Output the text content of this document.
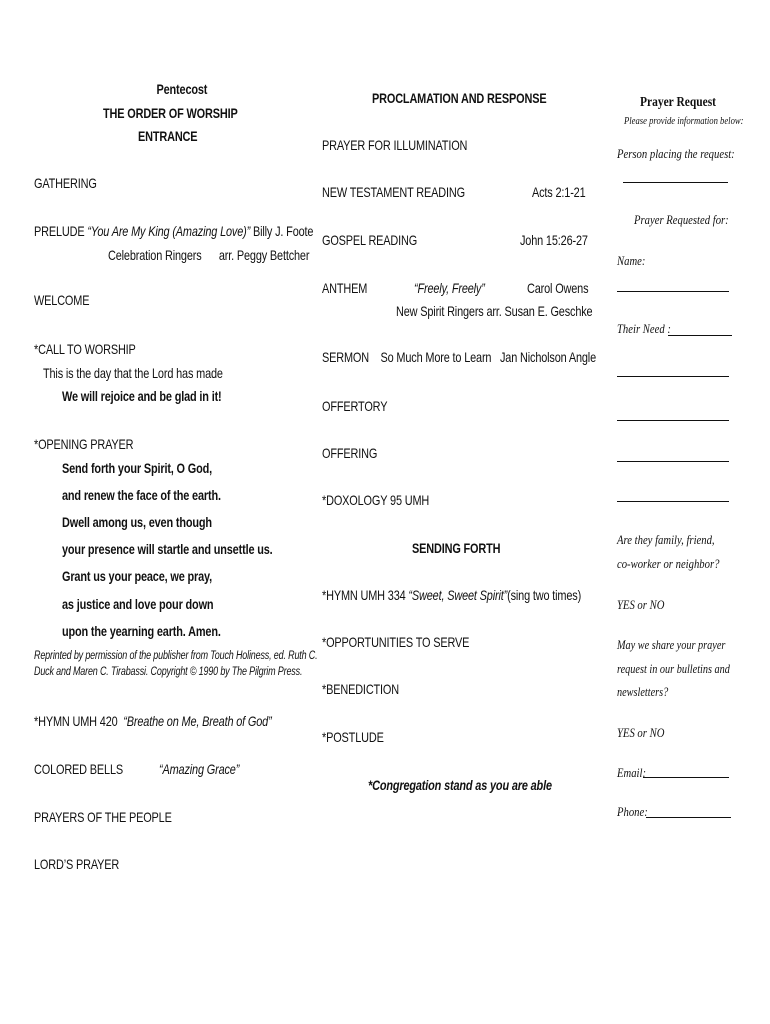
Pentecost
THE ORDER OF WORSHIP
ENTRANCE
GATHERING
PRELUDE “You Are My King (Amazing Love)” Billy J. Foote
Celebration Ringers arr. Peggy Bettcher
WELCOME
*CALL TO WORSHIP
This is the day that the Lord has made
We will rejoice and be glad in it!
*OPENING PRAYER
Send forth your Spirit, O God,
and renew the face of the earth.
Dwell among us, even though
your presence will startle and unsettle us.
Grant us your peace, we pray,
as justice and love pour down
upon the yearning earth. Amen.
Reprinted by permission of the publisher from Touch Holiness, ed. Ruth C.
Duck and Maren C. Tirabassi. Copyright © 1990 by The Pilgrim Press.
*HYMN UMH 420 “Breathe on Me, Breath of God”
COLORED BELLS	“Amazing Grace”
PRAYERS OF THE PEOPLE
LORD’S PRAYER
PROCLAMATION AND RESPONSE
PRAYER FOR ILLUMINATION
NEW TESTAMENT READING	Acts 2:1-21
GOSPEL READING	John 15:26-27
ANTHEM	“Freely, Freely”	Carol Owens
New Spirit Ringers arr. Susan E. Geschke
SERMON So Much More to Learn Jan Nicholson Angle
OFFERTORY
OFFERING
*DOXOLOGY 95 UMH
SENDING FORTH
*HYMN UMH 334 “Sweet, Sweet Spirit”(sing two times)
*OPPORTUNITIES TO SERVE
*BENEDICTION
*POSTLUDE
*Congregation stand as you are able
Prayer Request
Please provide information below:
Person placing the request:
Prayer Requested for:
Name:
Their Need :
Are they family, friend,
co-worker or neighbor?
YES or NO
May we share your prayer
request in our bulletins and
newsletters?
YES or NO
Email:
Phone:
